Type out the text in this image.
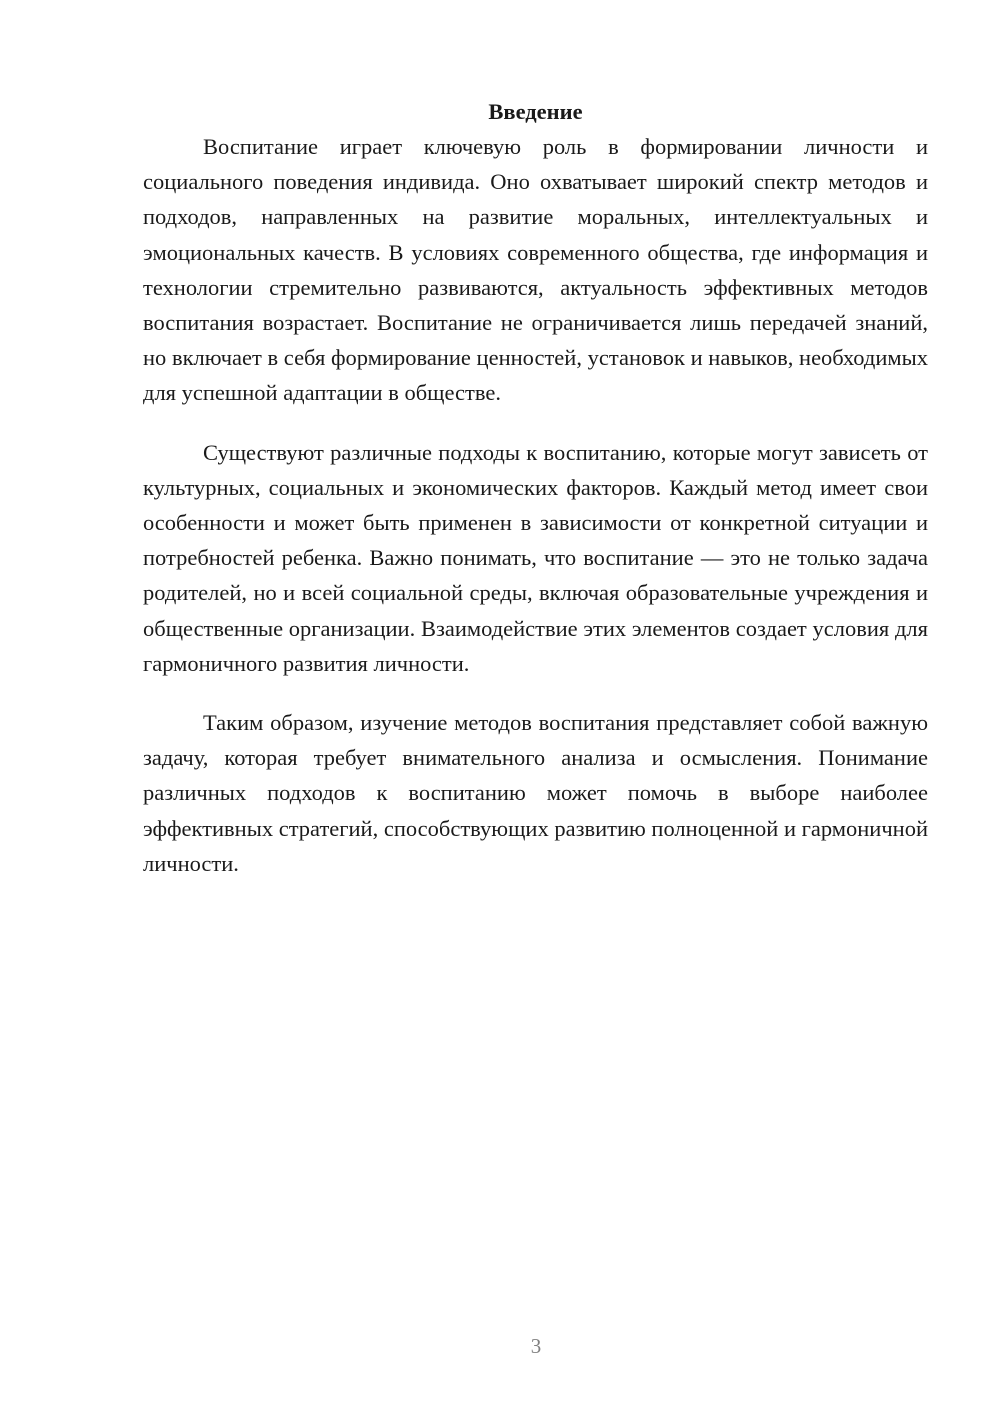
Введение

Воспитание играет ключевую роль в формировании личности и социального поведения индивида. Оно охватывает широкий спектр методов и подходов, направленных на развитие моральных, интеллектуальных и эмоциональных качеств. В условиях современного общества, где информация и технологии стремительно развиваются, актуальность эффективных методов воспитания возрастает. Воспитание не ограничивается лишь передачей знаний, но включает в себя формирование ценностей, установок и навыков, необходимых для успешной адаптации в обществе.

Существуют различные подходы к воспитанию, которые могут зависеть от культурных, социальных и экономических факторов. Каждый метод имеет свои особенности и может быть применен в зависимости от конкретной ситуации и потребностей ребенка. Важно понимать, что воспитание — это не только задача родителей, но и всей социальной среды, включая образовательные учреждения и общественные организации. Взаимодействие этих элементов создает условия для гармоничного развития личности.

Таким образом, изучение методов воспитания представляет собой важную задачу, которая требует внимательного анализа и осмысления. Понимание различных подходов к воспитанию может помочь в выборе наиболее эффективных стратегий, способствующих развитию полноценной и гармоничной личности.

3
